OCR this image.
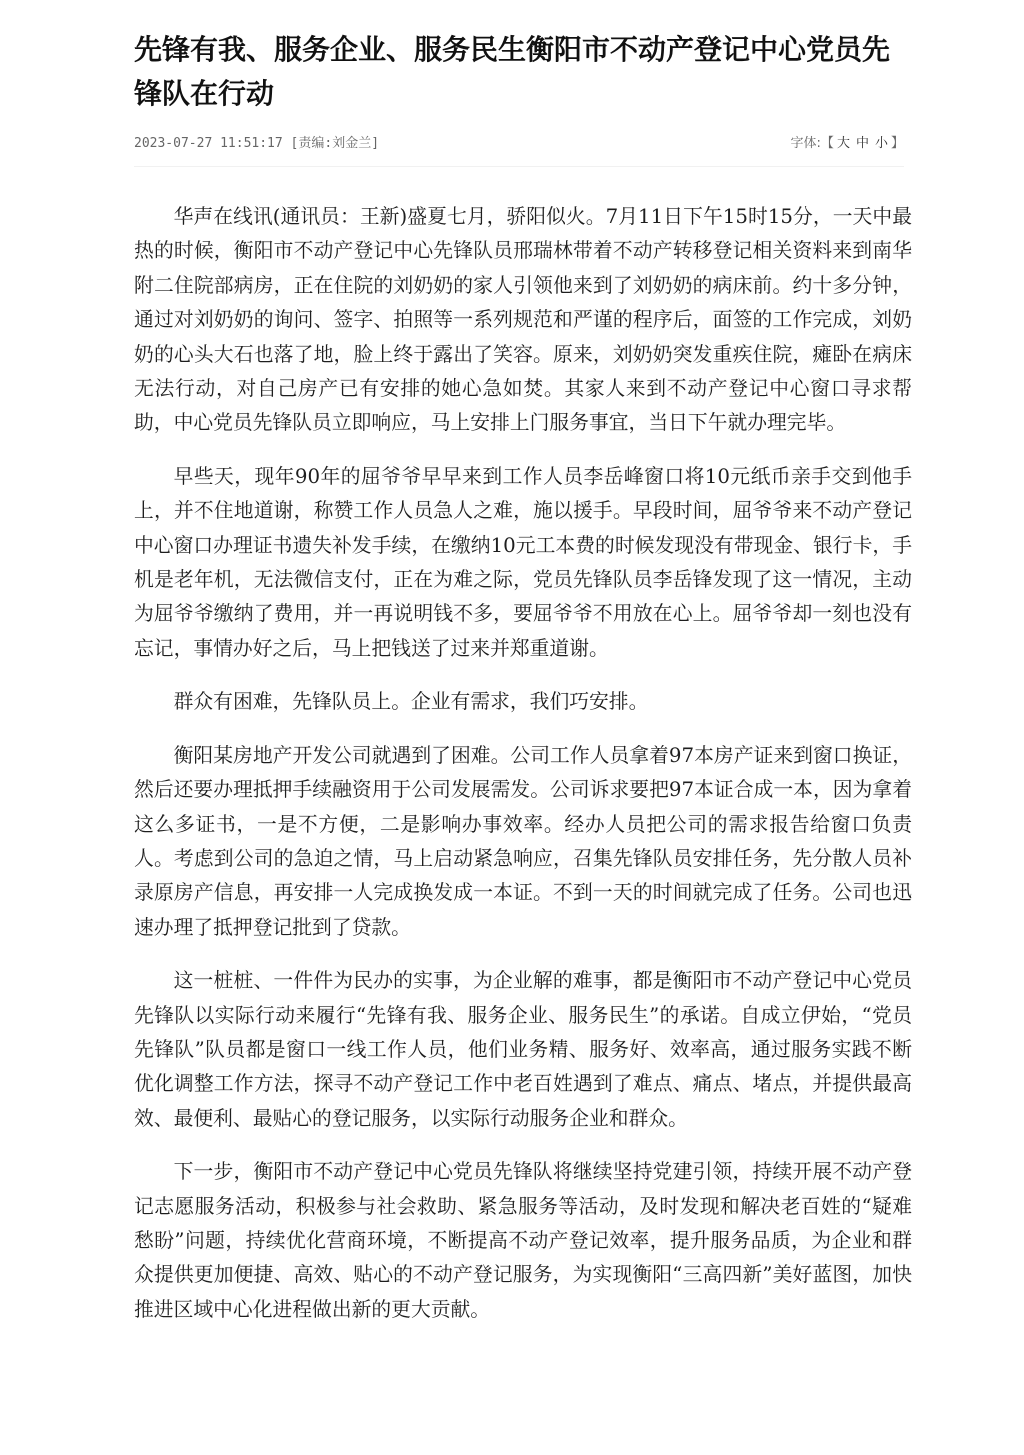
先锋有我、服务企业、服务民生衡阳市不动产登记中心党员先锋队在行动
2023-07-27 11:51:17 [责编:刘金兰]	字体:【 大 中 小 】

华声在线讯(通讯员：王新)盛夏七月，骄阳似火。7月11日下午15时15分，一天中最热的时候，衡阳市不动产登记中心先锋队员邢瑞林带着不动产转移登记相关资料来到南华附二住院部病房，正在住院的刘奶奶的家人引领他来到了刘奶奶的病床前。约十多分钟，通过对刘奶奶的询问、签字、拍照等一系列规范和严谨的程序后，面签的工作完成，刘奶奶的心头大石也落了地，脸上终于露出了笑容。原来，刘奶奶突发重疾住院，瘫卧在病床无法行动，对自己房产已有安排的她心急如焚。其家人来到不动产登记中心窗口寻求帮助，中心党员先锋队员立即响应，马上安排上门服务事宜，当日下午就办理完毕。

早些天，现年90年的屈爷爷早早来到工作人员李岳峰窗口将10元纸币亲手交到他手上，并不住地道谢，称赞工作人员急人之难，施以援手。早段时间，屈爷爷来不动产登记中心窗口办理证书遗失补发手续，在缴纳10元工本费的时候发现没有带现金、银行卡，手机是老年机，无法微信支付，正在为难之际，党员先锋队员李岳锋发现了这一情况，主动为屈爷爷缴纳了费用，并一再说明钱不多，要屈爷爷不用放在心上。屈爷爷却一刻也没有忘记，事情办好之后，马上把钱送了过来并郑重道谢。

群众有困难，先锋队员上。企业有需求，我们巧安排。

衡阳某房地产开发公司就遇到了困难。公司工作人员拿着97本房产证来到窗口换证，然后还要办理抵押手续融资用于公司发展需发。公司诉求要把97本证合成一本，因为拿着这么多证书，一是不方便，二是影响办事效率。经办人员把公司的需求报告给窗口负责人。考虑到公司的急迫之情，马上启动紧急响应，召集先锋队员安排任务，先分散人员补录原房产信息，再安排一人完成换发成一本证。不到一天的时间就完成了任务。公司也迅速办理了抵押登记批到了贷款。

这一桩桩、一件件为民办的实事，为企业解的难事，都是衡阳市不动产登记中心党员先锋队以实际行动来履行“先锋有我、服务企业、服务民生”的承诺。自成立伊始，“党员先锋队”队员都是窗口一线工作人员，他们业务精、服务好、效率高，通过服务实践不断优化调整工作方法，探寻不动产登记工作中老百姓遇到了难点、痛点、堵点，并提供最高效、最便利、最贴心的登记服务，以实际行动服务企业和群众。

下一步，衡阳市不动产登记中心党员先锋队将继续坚持党建引领，持续开展不动产登记志愿服务活动，积极参与社会救助、紧急服务等活动，及时发现和解决老百姓的“疑难愁盼”问题，持续优化营商环境，不断提高不动产登记效率，提升服务品质，为企业和群众提供更加便捷、高效、贴心的不动产登记服务，为实现衡阳“三高四新”美好蓝图，加快推进区域中心化进程做出新的更大贡献。
